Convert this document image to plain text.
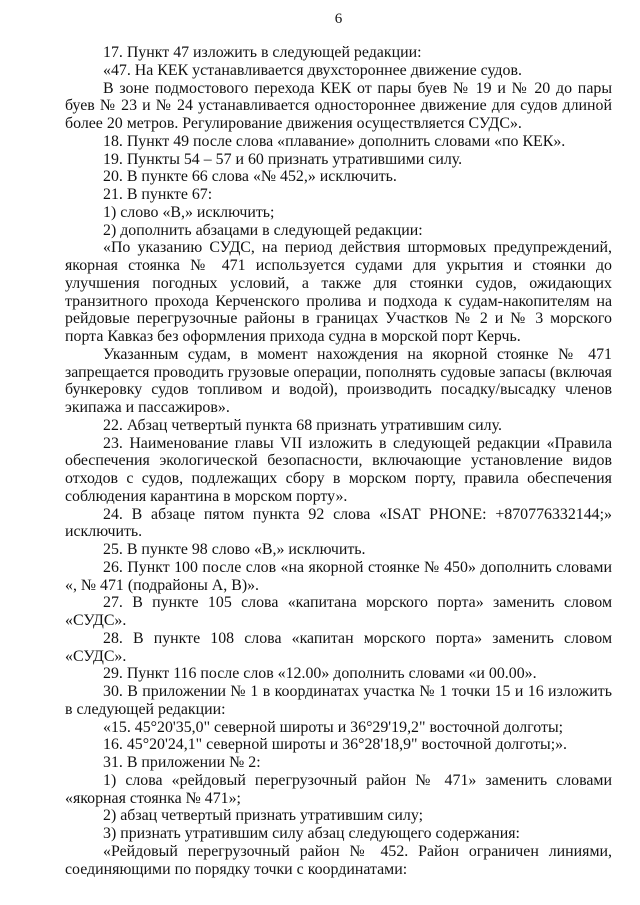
6

17. Пункт 47 изложить в следующей редакции:

«47. На КЕК устанавливается двухстороннее движение судов.

В зоне подмостового перехода КЕК от пары буев № 19 и № 20 до пары буев № 23 и № 24 устанавливается одностороннее движение для судов длиной более 20 метров. Регулирование движения осуществляется СУДС».

18. Пункт 49 после слова «плавание» дополнить словами «по КЕК».

19. Пункты 54 – 57 и 60 признать утратившими силу.

20. В пункте 66 слова «№ 452,» исключить.

21. В пункте 67:

1) слово «В,» исключить;

2) дополнить абзацами в следующей редакции:

«По указанию СУДС, на период действия штормовых предупреждений, якорная стоянка № 471 используется судами для укрытия и стоянки до улучшения погодных условий, а также для стоянки судов, ожидающих транзитного прохода Керченского пролива и подхода к судам-накопителям на рейдовые перегрузочные районы в границах Участков № 2 и № 3 морского порта Кавказ без оформления прихода судна в морской порт Керчь.

Указанным судам, в момент нахождения на якорной стоянке № 471 запрещается проводить грузовые операции, пополнять судовые запасы (включая бункеровку судов топливом и водой), производить посадку/высадку членов экипажа и пассажиров».

22. Абзац четвертый пункта 68 признать утратившим силу.

23. Наименование главы VII изложить в следующей редакции «Правила обеспечения экологической безопасности, включающие установление видов отходов с судов, подлежащих сбору в морском порту, правила обеспечения соблюдения карантина в морском порту».

24. В абзаце пятом пункта 92 слова «ISAT PHONE: +870776332144;» исключить.

25. В пункте 98 слово «В,» исключить.

26. Пункт 100 после слов «на якорной стоянке № 450» дополнить словами «, № 471 (подрайоны А, В)».

27. В пункте 105 слова «капитана морского порта» заменить словом «СУДС».

28. В пункте 108 слова «капитан морского порта» заменить словом «СУДС».

29. Пункт 116 после слов «12.00» дополнить словами «и 00.00».

30. В приложении № 1 в координатах участка № 1 точки 15 и 16 изложить в следующей редакции:

«15. 45°20'35,0" северной широты и 36°29'19,2" восточной долготы;

16. 45°20'24,1" северной широты и 36°28'18,9" восточной долготы;».

31. В приложении № 2:

1) слова «рейдовый перегрузочный район № 471» заменить словами «якорная стоянка № 471»;

2) абзац четвертый признать утратившим силу;

3) признать утратившим силу абзац следующего содержания:

«Рейдовый перегрузочный район № 452. Район ограничен линиями, соединяющими по порядку точки с координатами:
